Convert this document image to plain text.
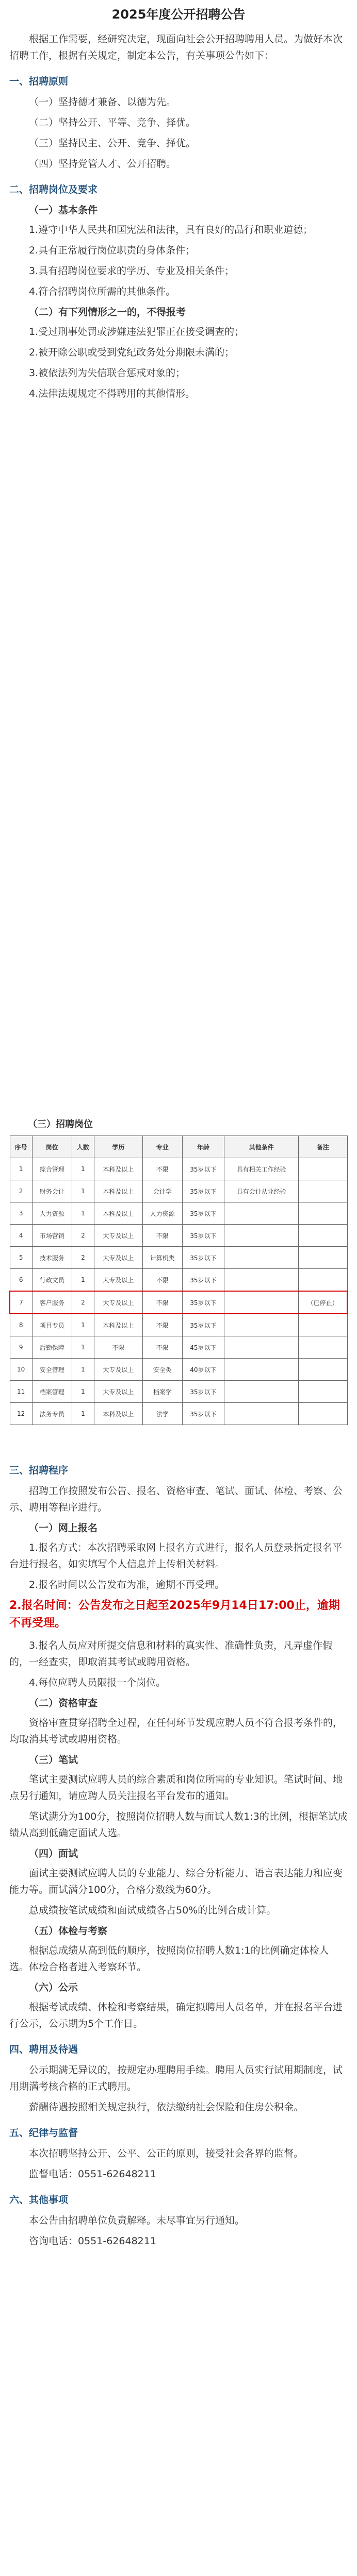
2025年度公开招聘公告

根据工作需要，经研究决定，现面向社会公开招聘聘用人员。为做好本次招聘工作，根据有关规定，制定本公告，有关事项公告如下：

一、招聘原则

（一）坚持德才兼备、以德为先。

（二）坚持公开、平等、竞争、择优。

（三）坚持民主、公开、竞争、择优。

（四）坚持党管人才、公开招聘。

二、招聘岗位及要求

（一）基本条件

1.遵守中华人民共和国宪法和法律，具有良好的品行和职业道德；

2.具有正常履行岗位职责的身体条件；

3.具有招聘岗位要求的学历、专业及相关条件；

4.符合招聘岗位所需的其他条件。

（二）有下列情形之一的，不得报考

1.受过刑事处罚或涉嫌违法犯罪正在接受调查的；

2.被开除公职或受到党纪政务处分期限未满的；

3.被依法列为失信联合惩戒对象的；

4.法律法规规定不得聘用的其他情形。

（三）招聘岗位

序号	岗位	人数	学历	专业	年龄	其他条件	备注
1	综合管理	1	本科及以上	不限	35岁以下	具有相关工作经验	
2	财务会计	1	本科及以上	会计学	35岁以下	具有会计从业经验	
3	人力资源	1	本科及以上	人力资源	35岁以下		
4	市场营销	2	大专及以上	不限	35岁以下		
5	技术服务	2	大专及以上	计算机类	35岁以下		
6	行政文员	1	大专及以上	不限	35岁以下		
7	客户服务	2	大专及以上	不限	35岁以下		（已停止）
8	项目专员	1	本科及以上	不限	35岁以下		
9	后勤保障	1	不限	不限	45岁以下		
10	安全管理	1	大专及以上	安全类	40岁以下		
11	档案管理	1	大专及以上	档案学	35岁以下		
12	法务专员	1	本科及以上	法学	35岁以下		

三、招聘程序

招聘工作按照发布公告、报名、资格审查、笔试、面试、体检、考察、公示、聘用等程序进行。

（一）网上报名

1.报名方式：本次招聘采取网上报名方式进行，报名人员登录指定报名平台进行报名，如实填写个人信息并上传相关材料。

2.报名时间以公告发布为准，逾期不再受理。

2.报名时间：公告发布之日起至2025年9月14日17:00止，逾期不再受理。

3.报名人员应对所提交信息和材料的真实性、准确性负责，凡弄虚作假的，一经查实，即取消其考试或聘用资格。

4.每位应聘人员限报一个岗位。

（二）资格审查

资格审查贯穿招聘全过程，在任何环节发现应聘人员不符合报考条件的，均取消其考试或聘用资格。

（三）笔试

笔试主要测试应聘人员的综合素质和岗位所需的专业知识。笔试时间、地点另行通知，请应聘人员关注报名平台发布的通知。

笔试满分为100分，按照岗位招聘人数与面试人数1:3的比例，根据笔试成绩从高到低确定面试人选。

（四）面试

面试主要测试应聘人员的专业能力、综合分析能力、语言表达能力和应变能力等。面试满分100分，合格分数线为60分。

总成绩按笔试成绩和面试成绩各占50%的比例合成计算。

（五）体检与考察

根据总成绩从高到低的顺序，按照岗位招聘人数1:1的比例确定体检人选。体检合格者进入考察环节。

（六）公示

根据考试成绩、体检和考察结果，确定拟聘用人员名单，并在报名平台进行公示，公示期为5个工作日。

四、聘用及待遇

公示期满无异议的，按规定办理聘用手续。聘用人员实行试用期制度，试用期满考核合格的正式聘用。

薪酬待遇按照相关规定执行，依法缴纳社会保险和住房公积金。

五、纪律与监督

本次招聘坚持公开、公平、公正的原则，接受社会各界的监督。

监督电话：0551-62648211

六、其他事项

本公告由招聘单位负责解释。未尽事宜另行通知。

咨询电话：0551-62648211
